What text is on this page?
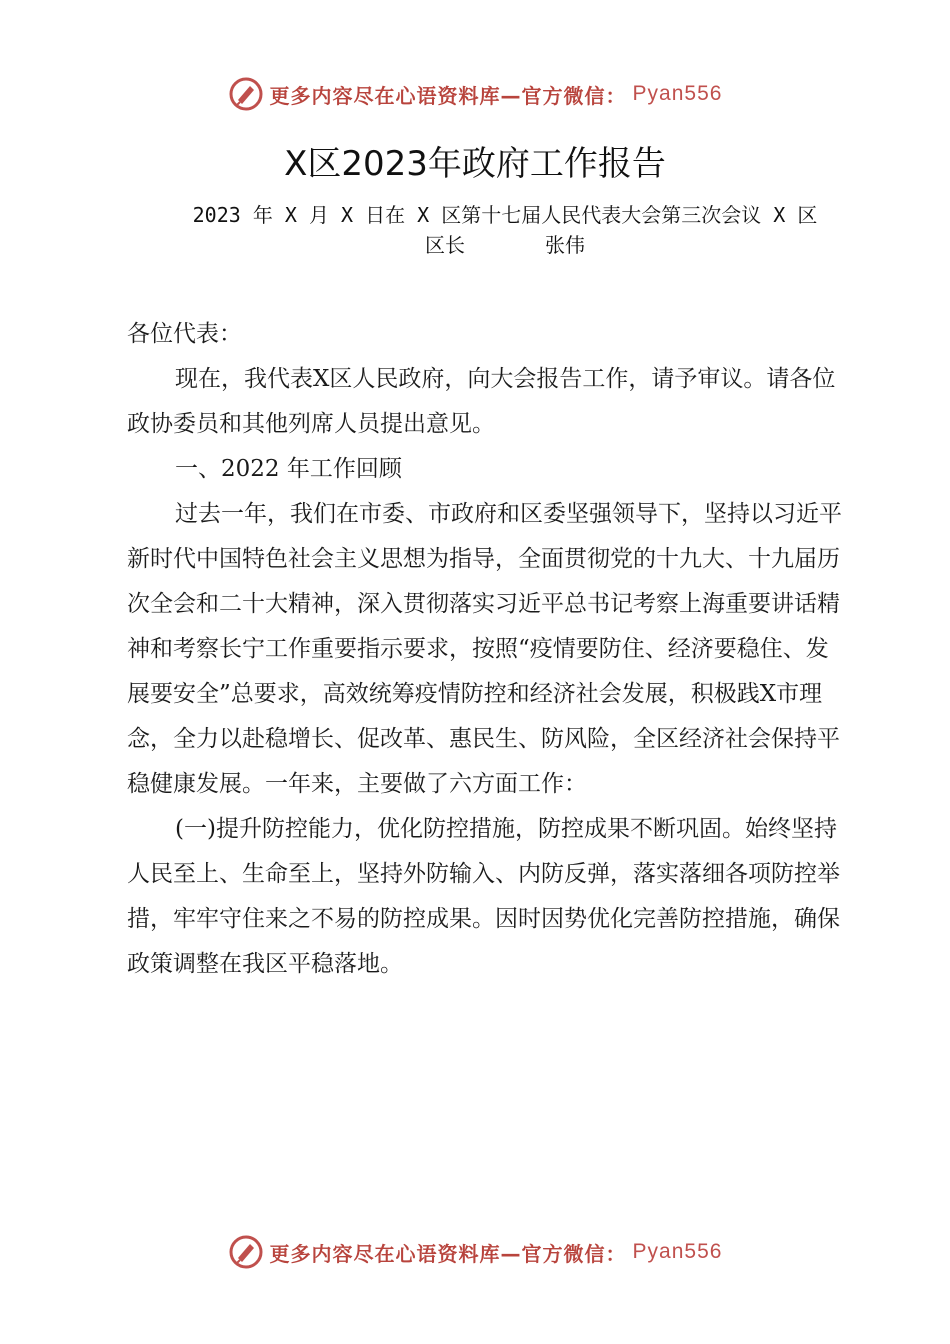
更多内容尽在心语资料库—官方微信： Pyan556
X区2023年政府工作报告
2023 年 X 月 X 日在 X 区第十七届人民代表大会第三次会议 X 区
区长　　　　张伟

各位代表：

现在，我代表X区人民政府，向大会报告工作，请予审议。请各位政协委员和其他列席人员提出意见。

一、2022 年工作回顾

过去一年，我们在市委、市政府和区委坚强领导下，坚持以习近平新时代中国特色社会主义思想为指导，全面贯彻党的十九大、十九届历次全会和二十大精神，深入贯彻落实习近平总书记考察上海重要讲话精神和考察长宁工作重要指示要求，按照“疫情要防住、经济要稳住、发展要安全”总要求，高效统筹疫情防控和经济社会发展，积极践X市理念，全力以赴稳增长、促改革、惠民生、防风险，全区经济社会保持平稳健康发展。一年来，主要做了六方面工作：

(一)提升防控能力，优化防控措施，防控成果不断巩固。始终坚持人民至上、生命至上，坚持外防输入、内防反弹，落实落细各项防控举措，牢牢守住来之不易的防控成果。因时因势优化完善防控措施，确保政策调整在我区平稳落地。

更多内容尽在心语资料库—官方微信： Pyan556
